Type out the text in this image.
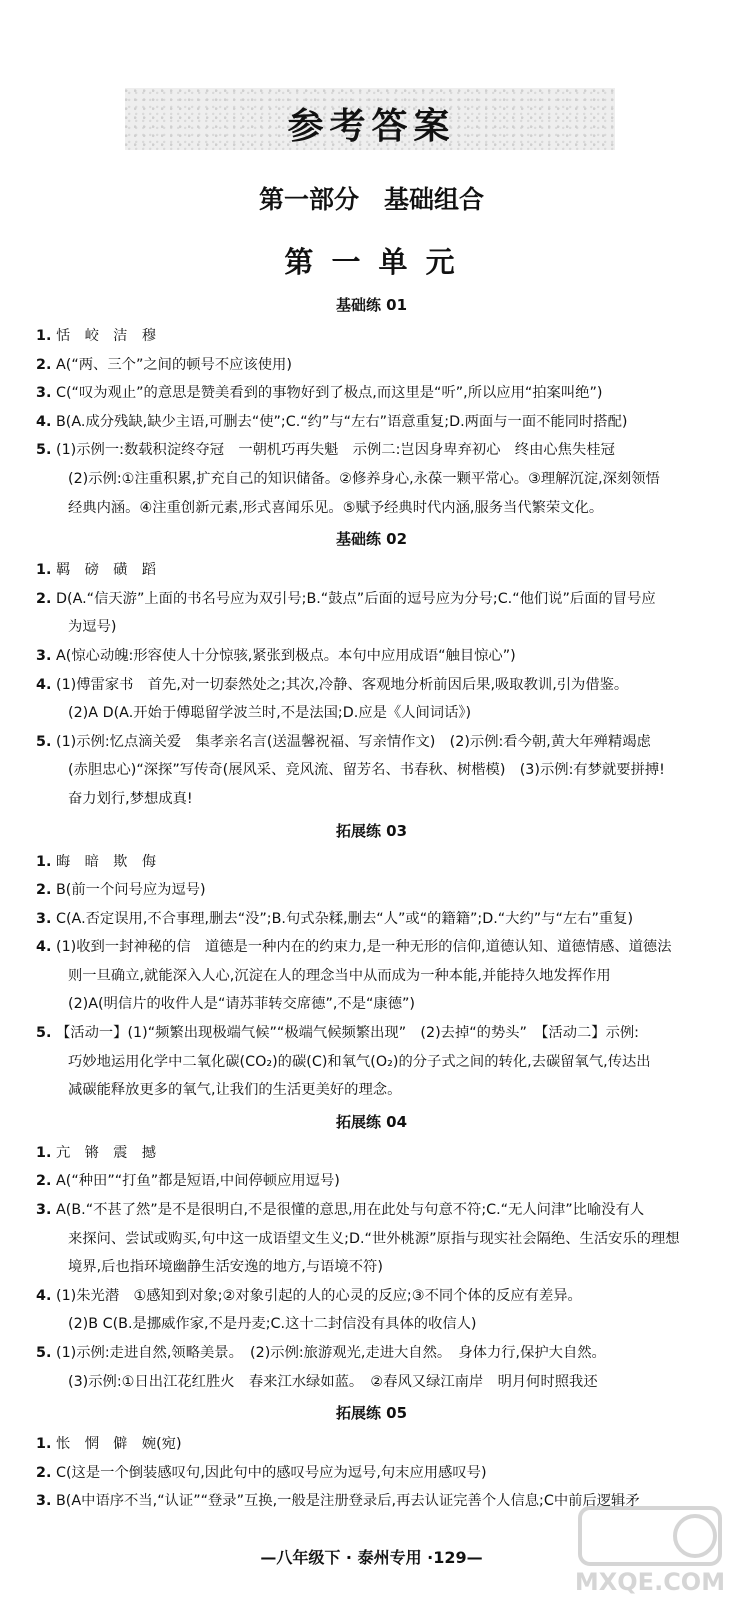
参考答案
第一部分　基础组合
第 一 单 元
基础练 01
1. 恬　峧　洁　穆
2. A(“两、三个”之间的顿号不应该使用)
3. C(“叹为观止”的意思是赞美看到的事物好到了极点,而这里是“听”,所以应用“拍案叫绝”)
4. B(A.成分残缺,缺少主语,可删去“使”;C.“约”与“左右”语意重复;D.两面与一面不能同时搭配)
5. (1)示例一:数载积淀终夺冠　一朝机巧再失魁　示例二:岂因身卑弃初心　终由心焦失桂冠
(2)示例:①注重积累,扩充自己的知识储备。②修养身心,永葆一颗平常心。③理解沉淀,深刻领悟
经典内涵。④注重创新元素,形式喜闻乐见。⑤赋予经典时代内涵,服务当代繁荣文化。
基础练 02
1. 羁　磅　磺　蹈
2. D(A.“信天游”上面的书名号应为双引号;B.“鼓点”后面的逗号应为分号;C.“他们说”后面的冒号应
为逗号)
3. A(惊心动魄:形容使人十分惊骇,紧张到极点。本句中应用成语“触目惊心”)
4. (1)傅雷家书　首先,对一切泰然处之;其次,冷静、客观地分析前因后果,吸取教训,引为借鉴。
(2)A D(A.开始于傅聪留学波兰时,不是法国;D.应是《人间词话》)
5. (1)示例:忆点滴关爱　集孝亲名言(送温馨祝福、写亲情作文)　(2)示例:看今朝,黄大年殚精竭虑
(赤胆忠心)“深探”写传奇(展风采、竞风流、留芳名、书春秋、树楷模)　(3)示例:有梦就要拼搏!
奋力划行,梦想成真!
拓展练 03
1. 晦　暗　欺　侮
2. B(前一个问号应为逗号)
3. C(A.否定误用,不合事理,删去“没”;B.句式杂糅,删去“人”或“的籍籍”;D.“大约”与“左右”重复)
4. (1)收到一封神秘的信　道德是一种内在的约束力,是一种无形的信仰,道德认知、道德情感、道德法
则一旦确立,就能深入人心,沉淀在人的理念当中从而成为一种本能,并能持久地发挥作用
(2)A(明信片的收件人是“请苏菲转交席德”,不是“康德”)
5. 【活动一】(1)“频繁出现极端气候”“极端气候频繁出现”　(2)去掉“的势头”　【活动二】示例:
巧妙地运用化学中二氧化碳(CO₂)的碳(C)和氧气(O₂)的分子式之间的转化,去碳留氧气,传达出
减碳能释放更多的氧气,让我们的生活更美好的理念。
拓展练 04
1. 亢　锵　震　撼
2. A(“种田”“打鱼”都是短语,中间停顿应用逗号)
3. A(B.“不甚了然”是不是很明白,不是很懂的意思,用在此处与句意不符;C.“无人问津”比喻没有人
来探问、尝试或购买,句中这一成语望文生义;D.“世外桃源”原指与现实社会隔绝、生活安乐的理想
境界,后也指环境幽静生活安逸的地方,与语境不符)
4. (1)朱光潜　①感知到对象;②对象引起的人的心灵的反应;③不同个体的反应有差异。
(2)B C(B.是挪威作家,不是丹麦;C.这十二封信没有具体的收信人)
5. (1)示例:走进自然,领略美景。　(2)示例:旅游观光,走进大自然。　身体力行,保护大自然。
(3)示例:①日出江花红胜火　春来江水绿如蓝。　②春风又绿江南岸　明月何时照我还
拓展练 05
1. 怅　惘　僻　婉(宛)
2. C(这是一个倒装感叹句,因此句中的感叹号应为逗号,句末应用感叹号)
3. B(A中语序不当,“认证”“登录”互换,一般是注册登录后,再去认证完善个人信息;C中前后逻辑矛
—八年级下 · 泰州专用 ·129—
MXQE.COM
